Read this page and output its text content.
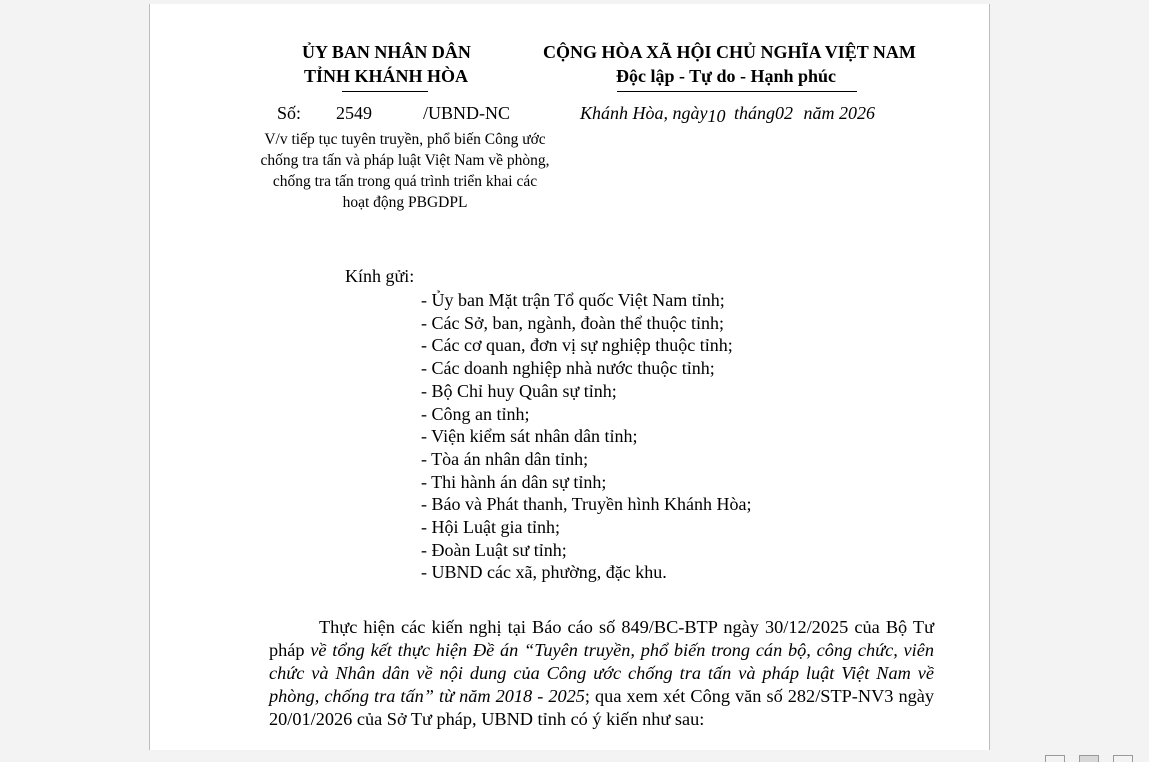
ỦY BAN NHÂN DÂN
TỈNH KHÁNH HÒA
CỘNG HÒA XÃ HỘI CHỦ NGHĨA VIỆT NAM
Độc lập - Tự do - Hạnh phúc
Số: 2549	/UBND-NC	Khánh Hòa, ngày10 tháng02 năm 2026
V/v tiếp tục tuyên truyền, phổ biến Công ước chống tra tấn và pháp luật Việt Nam về phòng, chống tra tấn trong quá trình triển khai các hoạt động PBGDPL
Kính gửi:
- Ủy ban Mặt trận Tổ quốc Việt Nam tỉnh;
- Các Sở, ban, ngành, đoàn thể thuộc tỉnh;
- Các cơ quan, đơn vị sự nghiệp thuộc tỉnh;
- Các doanh nghiệp nhà nước thuộc tỉnh;
- Bộ Chỉ huy Quân sự tỉnh;
- Công an tỉnh;
- Viện kiểm sát nhân dân tỉnh;
- Tòa án nhân dân tỉnh;
- Thi hành án dân sự tỉnh;
- Báo và Phát thanh, Truyền hình Khánh Hòa;
- Hội Luật gia tỉnh;
- Đoàn Luật sư tỉnh;
- UBND các xã, phường, đặc khu.
Thực hiện các kiến nghị tại Báo cáo số 849/BC-BTP ngày 30/12/2025 của Bộ Tư pháp về tổng kết thực hiện Đề án “Tuyên truyền, phổ biến trong cán bộ, công chức, viên chức và Nhân dân về nội dung của Công ước chống tra tấn và pháp luật Việt Nam về phòng, chống tra tấn” từ năm 2018 - 2025; qua xem xét Công văn số 282/STP-NV3 ngày 20/01/2026 của Sở Tư pháp, UBND tỉnh có ý kiến như sau:
